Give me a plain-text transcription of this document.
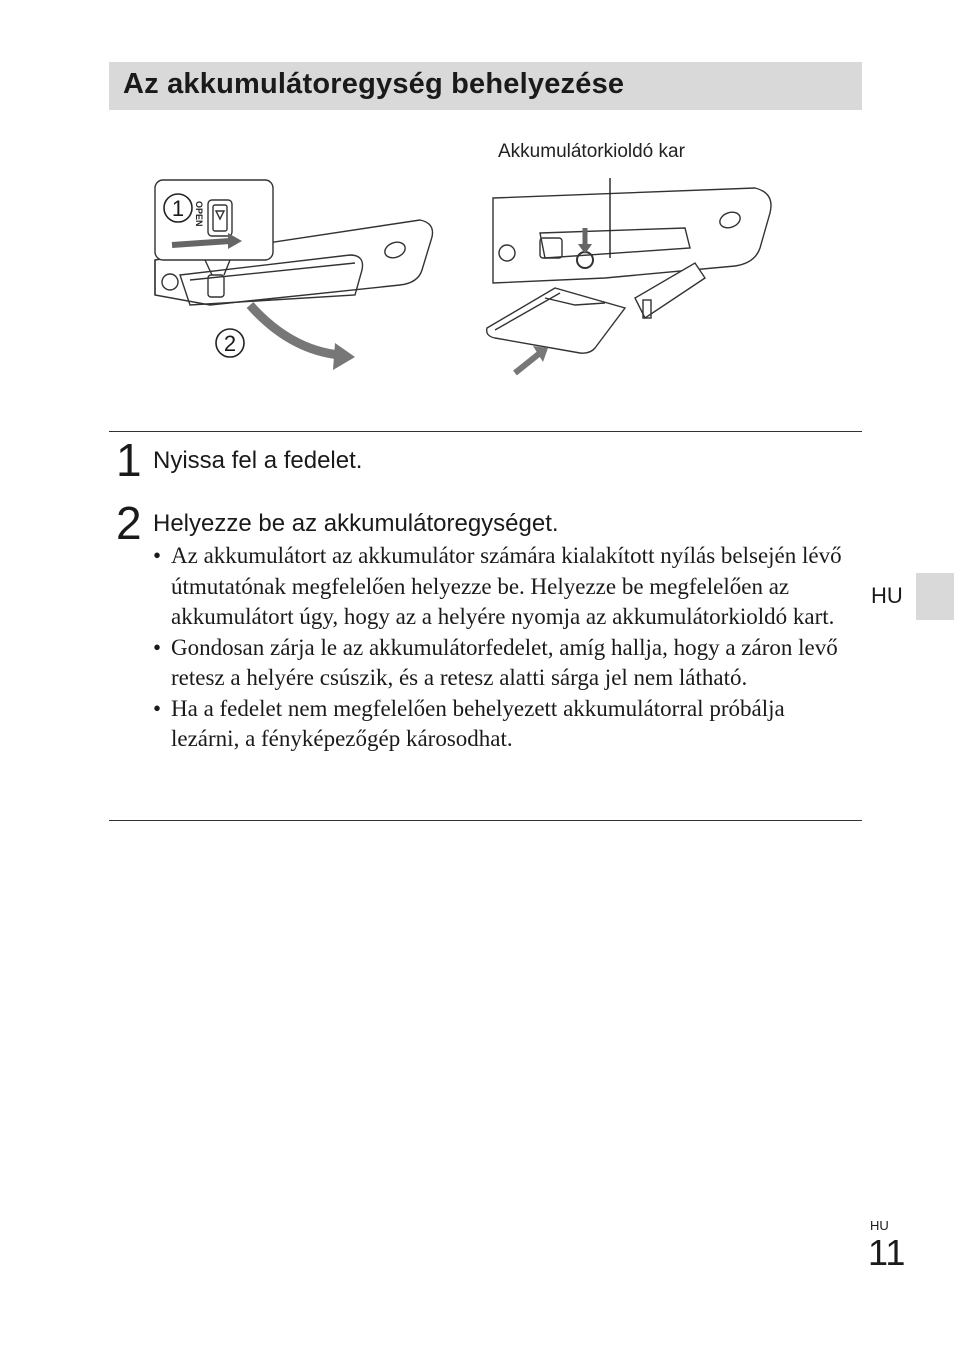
Az akkumulátoregység behelyezése
Akkumulátorkioldó kar
1
2
OPEN
1 Nyissa fel a fedelet.
2 Helyezze be az akkumulátoregységet.
• Az akkumulátort az akkumulátor számára kialakított nyílás belsején lévő útmutatónak megfelelően helyezze be. Helyezze be megfelelően az akkumulátort úgy, hogy az a helyére nyomja az akkumulátorkioldó kart.
• Gondosan zárja le az akkumulátorfedelet, amíg hallja, hogy a záron levő retesz a helyére csúszik, és a retesz alatti sárga jel nem látható.
• Ha a fedelet nem megfelelően behelyezett akkumulátorral próbálja lezárni, a fényképezőgép károsodhat.
HU
HU
11
